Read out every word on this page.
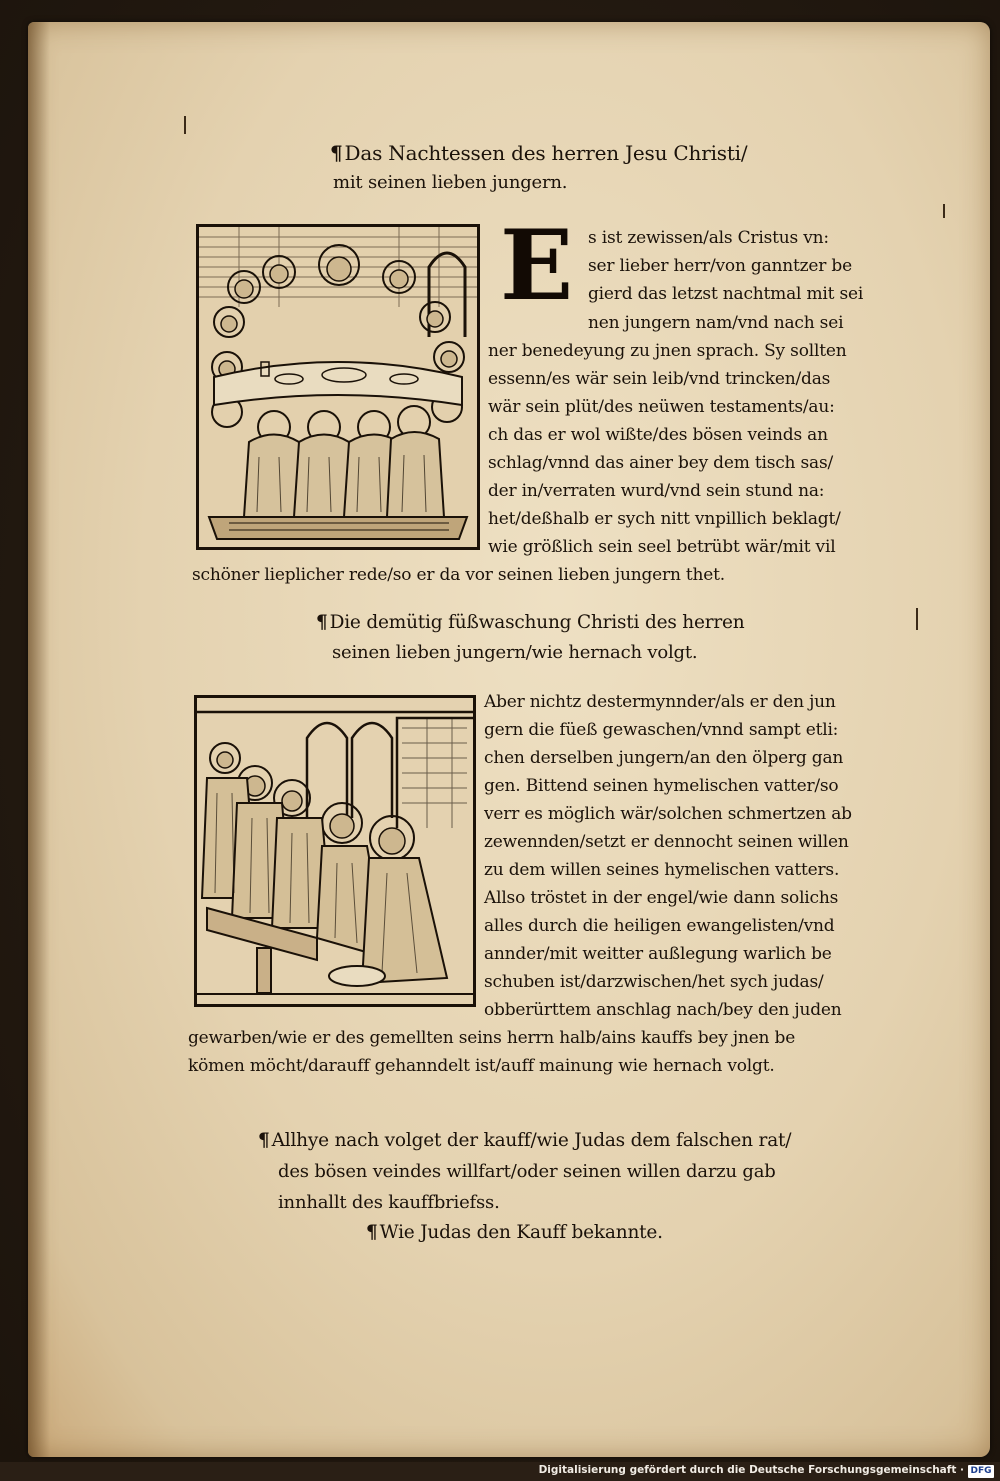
¶ Das Nachtessen des herren Jesu Christi/
mit seinen lieben jungern.
E s ist zewissen/als Cristus vn:
ser lieber herr/von ganntzer be
gierd das letzst nachtmal mit sei
nen jungern nam/vnd nach sei
ner benedeyung zu jnen sprach. Sy sollten
essenn/es wär sein leib/vnd trincken/das
wär sein plüt/des neüwen testaments/au:
ch das er wol wißte/des bösen veinds an
schlag/vnnd das ainer bey dem tisch sas/
der in/verraten wurd/vnd sein stund na:
het/deßhalb er sych nitt vnpillich beklagt/
wie größlich sein seel betrübt wär/mit vil
schöner lieplicher rede/so er da vor seinen lieben jungern thet.
¶ Die demütig füßwaschung Christi des herren
seinen lieben jungern/wie hernach volgt.
Aber nichtz destermynnder/als er den jun
gern die füeß gewaschen/vnnd sampt etli:
chen derselben jungern/an den ölperg gan
gen. Bittend seinen hymelischen vatter/so
verr es möglich wär/solchen schmertzen ab
zewennden/setzt er dennocht seinen willen
zu dem willen seines hymelischen vatters.
Allso tröstet in der engel/wie dann solichs
alles durch die heiligen ewangelisten/vnd
annder/mit weitter außlegung warlich be
schuben ist/darzwischen/het sych judas/
obberürttem anschlag nach/bey den juden
gewarben/wie er des gemellten seins herrn halb/ains kauffs bey jnen be
kömen möcht/darauff gehanndelt ist/auff mainung wie hernach volgt.
¶ Allhye nach volget der kauff/wie Judas dem falschen rat/
des bösen veindes willfart/oder seinen willen darzu gab
innhallt des kauffbriefss.
¶ Wie Judas den Kauff bekannte.
Digitalisierung gefördert durch die Deutsche Forschungsgemeinschaft · DFG
